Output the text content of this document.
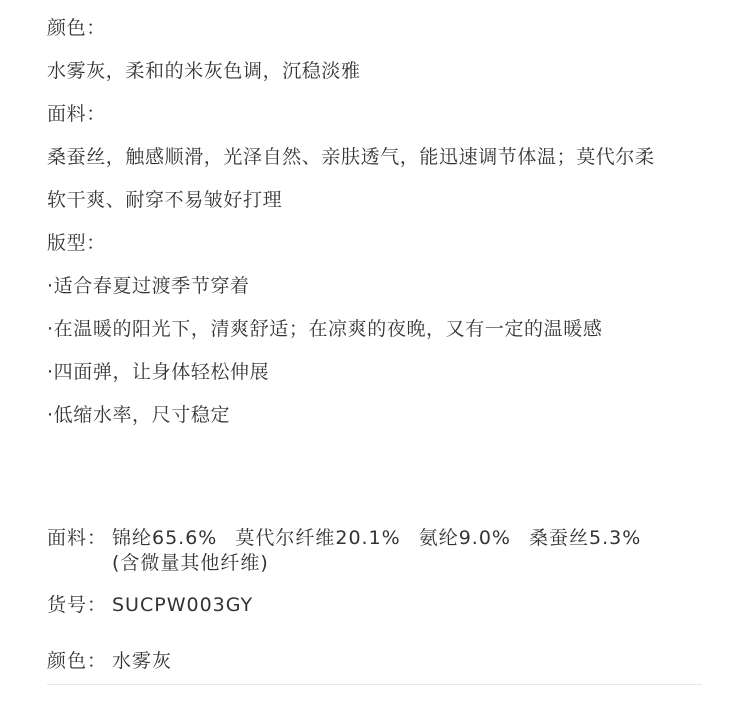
颜色：
水雾灰，柔和的米灰色调，沉稳淡雅
面料：
桑蚕丝，触感顺滑，光泽自然、亲肤透气，能迅速调节体温；莫代尔柔
软干爽、耐穿不易皱好打理
版型：
·适合春夏过渡季节穿着
·在温暖的阳光下，清爽舒适；在凉爽的夜晚，又有一定的温暖感
·四面弹，让身体轻松伸展
·低缩水率，尺寸稳定
面料： 锦纶65.6% 莫代尔纤维20.1% 氨纶9.0% 桑蚕丝5.3%
(含微量其他纤维)
货号： SUCPW003GY
颜色： 水雾灰
